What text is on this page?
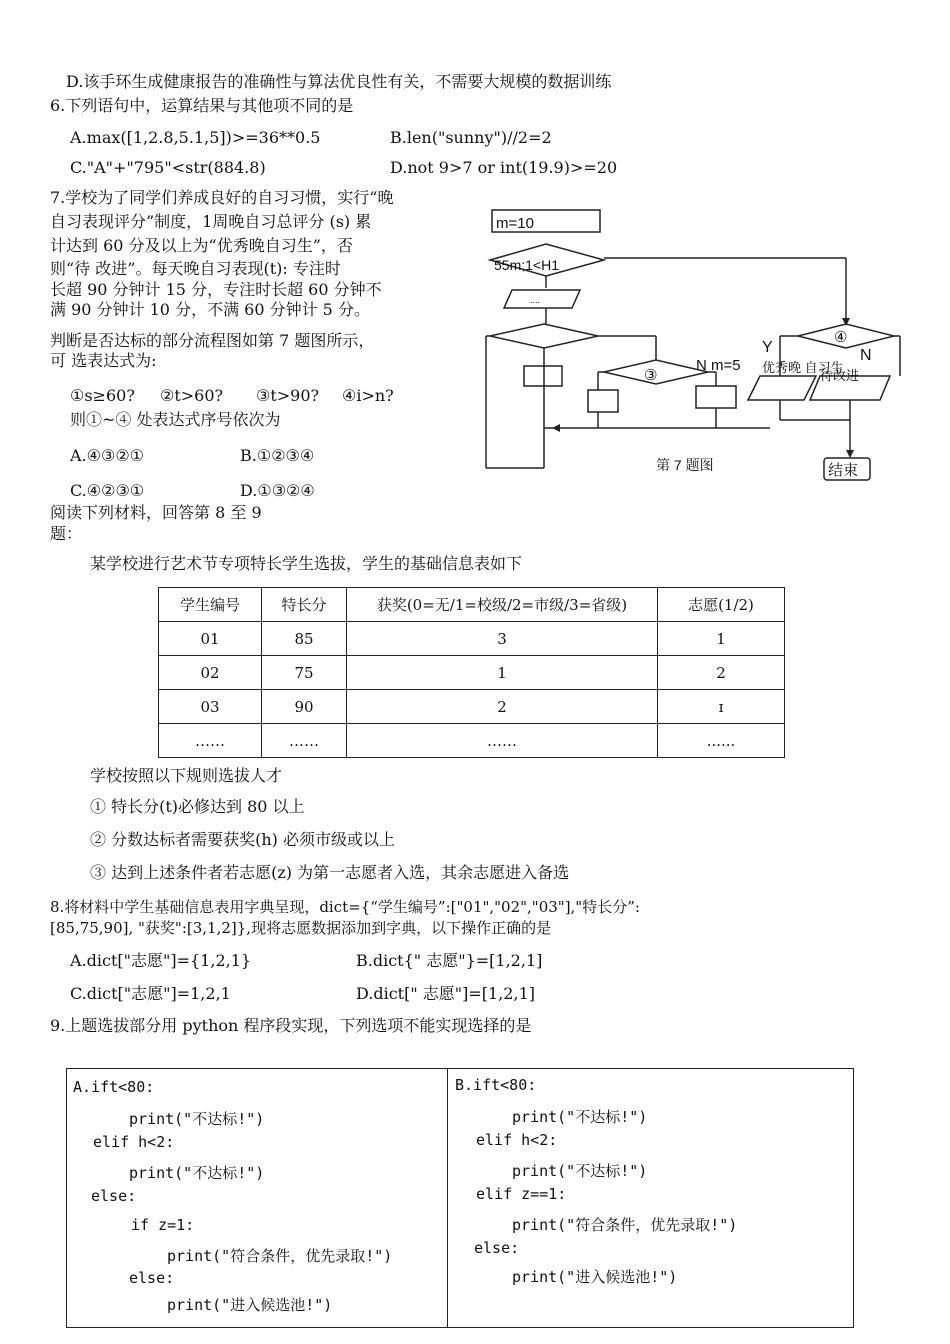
D.该手环生成健康报告的准确性与算法优良性有关，不需要大规模的数据训练
6.下列语句中，运算结果与其他项不同的是
A.max([1,2.8,5.1,5])>=36**0.5	B.len("sunny")//2=2
C."A"+"795"<str(884.8)	D.not 9>7 or int(19.9)>=20
7.学校为了同学们养成良好的自习习惯，实行“晚
自习表现评分”制度，1周晚自习总评分 (s) 累
计达到 60 分及以上为“优秀晚自习生”，否
则“待 改进”。每天晚自习表现(t): 专注时
长超 90 分钟计 15 分，专注时长超 60 分钟不
满 90 分钟计 10 分，不满 60 分钟计 5 分。
判断是否达标的部分流程图如第 7 题图所示，
可 选表达式为:
①s≥60? ②t>60? ③t>90? ④i>n?
则①~④ 处表达式序号依次为
A.④③②①	B.①②③④
C.④②③①	D.①③②④
m=10
55m;1<H1
....
③
N m=5
④
Y	N
优秀晚 自习生
待改进
结束
第 7 题图
阅读下列材料，回答第 8 至 9
题：
某学校进行艺术节专项特长学生选拔，学生的基础信息表如下
学生编号	特长分	获奖(0=无/1=校级/2=市级/3=省级)	志愿(1/2)
01	85	3	1
02	75	1	2
03	90	2	ɪ
……	……	……	......
学校按照以下规则选拔人才
① 特长分(t)必修达到 80 以上
② 分数达标者需要获奖(h) 必须市级或以上
③ 达到上述条件者若志愿(z) 为第一志愿者入选，其余志愿进入备选
8.将材料中学生基础信息表用字典呈现，dict={“学生编号”:["01","02","03"],"特长分”:
[85,75,90], "获奖":[3,1,2]},现将志愿数据添加到字典，以下操作正确的是
A.dict["志愿"]={1,2,1}	B.dict{" 志愿"}=[1,2,1]
C.dict["志愿"]=1,2,1	D.dict[" 志愿"]=[1,2,1]
9.上题选拔部分用 python 程序段实现，下列选项不能实现选择的是
A.ift<80:
print("不达标!")
elif h<2:
print("不达标!")
else:
if z=1:
print("符合条件，优先录取!")
else:
print("进入候选池!")
B.ift<80:
print("不达标!")
elif h<2:
print("不达标!")
elif z==1:
print("符合条件，优先录取!")
else:
print("进入候选池!")
